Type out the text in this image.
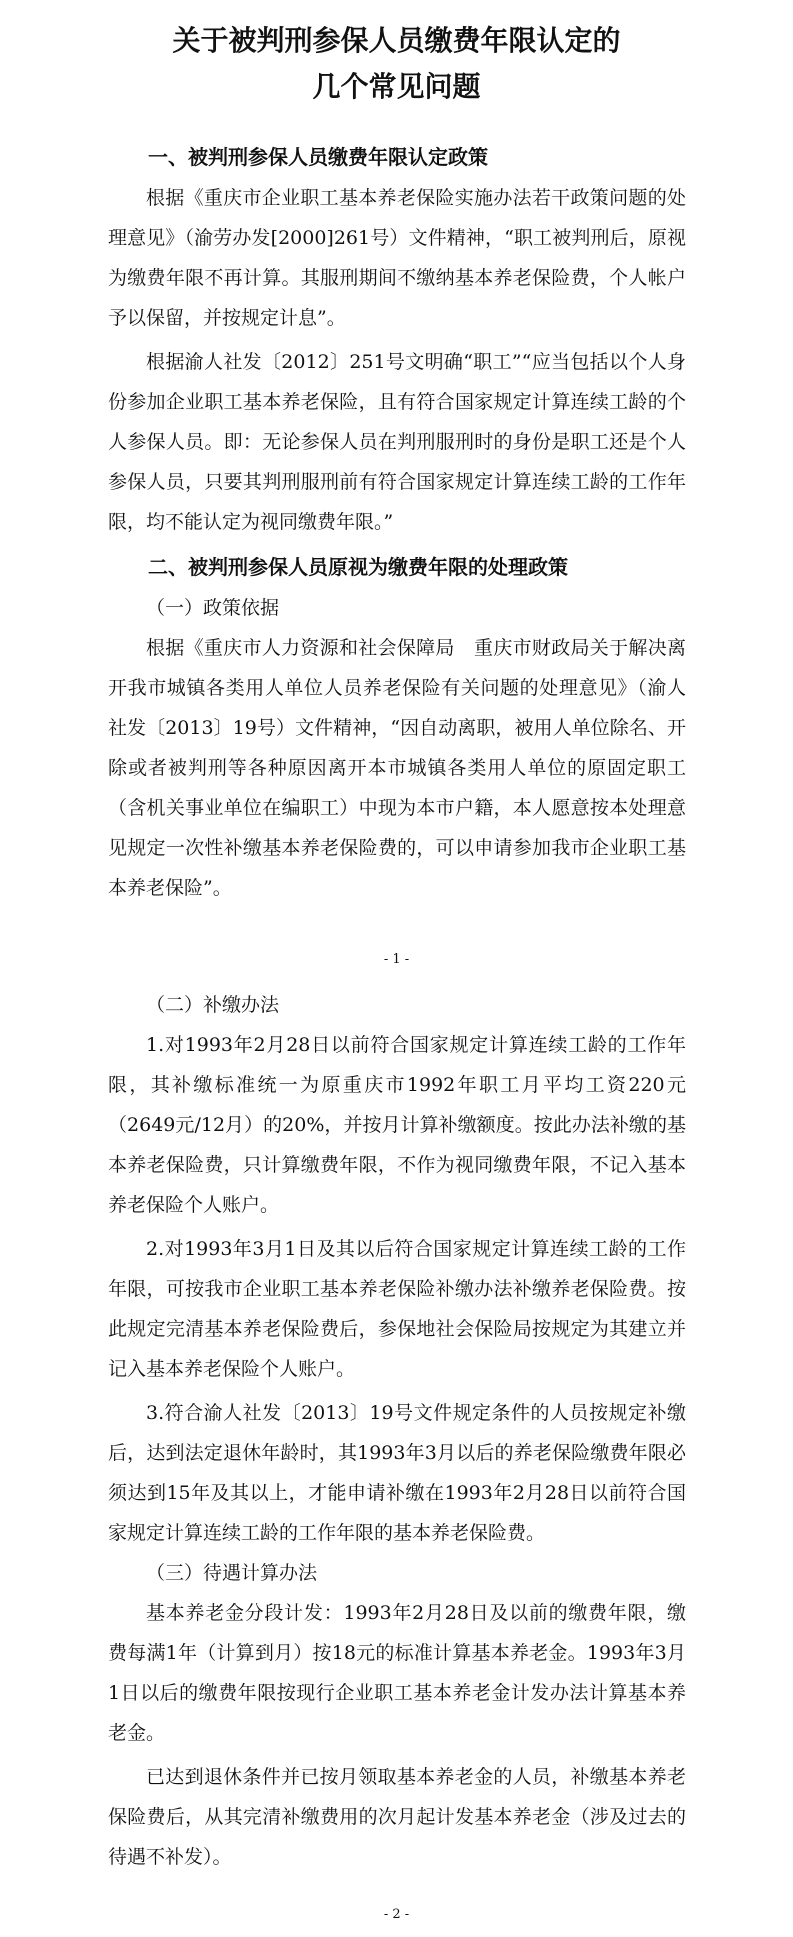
关于被判刑参保人员缴费年限认定的
几个常见问题

一、被判刑参保人员缴费年限认定政策

根据《重庆市企业职工基本养老保险实施办法若干政策问题的处理意见》（渝劳办发[2000]261号）文件精神，“职工被判刑后，原视为缴费年限不再计算。其服刑期间不缴纳基本养老保险费，个人帐户予以保留，并按规定计息”。

根据渝人社发〔2012〕251号文明确“职工”“应当包括以个人身份参加企业职工基本养老保险，且有符合国家规定计算连续工龄的个人参保人员。即：无论参保人员在判刑服刑时的身份是职工还是个人参保人员，只要其判刑服刑前有符合国家规定计算连续工龄的工作年限，均不能认定为视同缴费年限。”

二、被判刑参保人员原视为缴费年限的处理政策

（一）政策依据

根据《重庆市人力资源和社会保障局　重庆市财政局关于解决离开我市城镇各类用人单位人员养老保险有关问题的处理意见》（渝人社发〔2013〕19号）文件精神，“因自动离职，被用人单位除名、开除或者被判刑等各种原因离开本市城镇各类用人单位的原固定职工（含机关事业单位在编职工）中现为本市户籍，本人愿意按本处理意见规定一次性补缴基本养老保险费的，可以申请参加我市企业职工基本养老保险”。

- 1 -

（二）补缴办法

1.对1993年2月28日以前符合国家规定计算连续工龄的工作年限，其补缴标准统一为原重庆市1992年职工月平均工资220元（2649元/12月）的20%，并按月计算补缴额度。按此办法补缴的基本养老保险费，只计算缴费年限，不作为视同缴费年限，不记入基本养老保险个人账户。

2.对1993年3月1日及其以后符合国家规定计算连续工龄的工作年限，可按我市企业职工基本养老保险补缴办法补缴养老保险费。按此规定完清基本养老保险费后，参保地社会保险局按规定为其建立并记入基本养老保险个人账户。

3.符合渝人社发〔2013〕19号文件规定条件的人员按规定补缴后，达到法定退休年龄时，其1993年3月以后的养老保险缴费年限必须达到15年及其以上，才能申请补缴在1993年2月28日以前符合国家规定计算连续工龄的工作年限的基本养老保险费。

（三）待遇计算办法

基本养老金分段计发：1993年2月28日及以前的缴费年限，缴费每满1年（计算到月）按18元的标准计算基本养老金。1993年3月1日以后的缴费年限按现行企业职工基本养老金计发办法计算基本养老金。

已达到退休条件并已按月领取基本养老金的人员，补缴基本养老保险费后，从其完清补缴费用的次月起计发基本养老金（涉及过去的待遇不补发）。

- 2 -
